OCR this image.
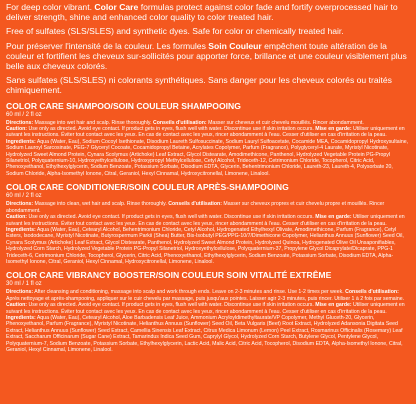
For deep color vibrant. Color Care formulas protect against color fade and fortify overprocessed hair to deliver strength, shine and enhanced color quality to color treated hair.

Free of sulfates (SLS/SLES) and synthetic dyes. Safe for color or chemically treated hair.

Pour préserver l'intensité de la couleur. Les formules Soin Couleur empêchent toute altération de la couleur et fortifient les cheveux sur-sollicités pour apporter force, brillance et une couleur visiblement plus belle aux cheveux colorés.

Sans sulfates (SLS/SLES) ni colorants synthétiques. Sans danger pour les cheveux colorés ou traités chimiquement.

COLOR CARE SHAMPOO/SOIN COULEUR SHAMPOOING
60 ml / 2 fl oz

Directions: Massage into wet hair and scalp. Rinse thoroughly. Conseils d'utilisation: Masser sur cheveux et cuir chevelu mouillés. Rincer abondamment.
Caution: Use only as directed. Avoid eye contact. If product gets in eyes, flush well with water. Discontinue use if skin irritation occurs. Mise en garde: Utiliser uniquement en suivant les instructions. Éviter tout contact avec les yeux. En cas de contact avec les yeux, rincer abondamment à l'eau. Cesser d'utiliser en cas d'irritation de la peau.
Ingredients: Aqua (Water, Eau), Sodium Cocoyl Isethionate, Disodium Laureth Sulfosuccinate, Sodium Lauryl Sulfoacetate, Cocamide MEA, Cocamidopropyl Hydroxysultaine, Sodium Lauroyl Sarcosinate, PEG-7 Glyceryl Cocoate, Cocamidopropyl Betaine, Acrylates Copolymer, Parfum (Fragrance), Polyglyceryl-4 Laurate, Myristyl Nicotinate, Hydrolyzed Sweet Almond Protein, Cynara Scolymus (Artichoke) Leaf Extract, Glycol Distearate, Amodimethicone, Panthenol, Hydrolyzed Vegetable Protein PG-Propyl Silanetriol, Polyquaternium-10, Hydroxyethylcellulose, Hydroxypropyl Methylcellulose, Cetyl Alcohol, Trideceth-12, Cetrimonium Chloride, Tocopherol, Citric Acid, Phenoxyethanol, Ethylhexylglycerin, Sodium Benzoate, Potassium Sorbate, Disodium EDTA, Glycerin, Behentrimonium Chloride, Laureth-23, Laureth-4, Polysorbate 20, Sodium Chloride, Alpha-Isomethyl Ionone, Citral, Geraniol, Hexyl Cinnamal, Hydroxycitronellal, Limonene, Linalool.

COLOR CARE CONDITIONER/SOIN COULEUR APRÈS-SHAMPOOING
60 ml / 2 fl oz

Directions: Massage into clean, wet hair and scalp. Rinse thoroughly. Conseils d'utilisation: Masser sur cheveux propres et cuir chevelu propre et mouillés. Rincer abondamment.
Caution: Use only as directed. Avoid eye contact. If product gets in eyes, flush well with water. Discontinue use if skin irritation occurs. Mise en garde: Utiliser uniquement en suivant les instructions. Éviter tout contact avec les yeux. En cas de contact avec les yeux, rincer abondamment à l'eau. Cesser d'utiliser en cas d'irritation de la peau.
Ingredients: Aqua (Water, Eau), Cetearyl Alcohol, Behentrimonium Chloride, Cetyl Alcohol, Hydrogenated Ethylhexyl Olivate, Amodimethicone, Parfum (Fragrance), Cetyl Esters, Isododecane, Myristyl Nicotinate, Butyrospermum Parkii (Shea) Butter, Bis-Isobutyl PEG/PPG-10/7/Dimethicone Copolymer, Helianthus Annuus (Sunflower) Seed Oil, Cynara Scolymus (Artichoke) Leaf Extract, Glycol Distearate, Panthenol, Hydrolyzed Sweet Almond Protein, Hydrolyzed Quinoa, Hydrogenated Olive Oil Unsaponifiables, Hydrolyzed Corn Starch, Hydrolyzed Vegetable Protein PG-Propyl Silanetriol, Hydroxyethylcellulose, Polyquaternium-37, Propylene Glycol Dicaprylate/Dicaprate, PPG-1 Trideceth-6, Cetrimonium Chloride, Tocopherol, Glycerin, Citric Acid, Phenoxyethanol, Ethylhexylglycerin, Sodium Benzoate, Potassium Sorbate, Disodium EDTA, Alpha-Isomethyl Ionone, Citral, Geraniol, Hexyl Cinnamal, Hydroxycitronellal, Limonene, Linalool.

COLOR CARE VIBRANCY BOOSTER/SOIN COULEUR SOIN VITALITÉ EXTRÊME
30 ml / 1 fl oz

Directions: After cleansing and conditioning, massage into scalp and work through ends. Leave on 2-3 minutes and rinse. Use 1-2 times per week. Conseils d'utilisation: Après nettoyage et après-shampooing, appliquer sur le cuir chevelu par massage, puis jusqu'aux pointes. Laisser agir 2-3 minutes, puis rincer. Utiliser 1 à 2 fois par semaine.
Caution: Use only as directed. Avoid eye contact. If product gets in eyes, flush well with water. Discontinue use if skin irritation occurs. Mise en garde: Utiliser uniquement en suivant les instructions. Éviter tout contact avec les yeux. En cas de contact avec les yeux, rincer abondamment à l'eau. Cesser d'utiliser en cas d'irritation de la peau.
Ingredients: Aqua (Water, Eau), Cetearyl Alcohol, Aloe Barbadensis Leaf Juice, Ammonium Acryloyldimethyltaurate/VP Copolymer, Methyl Gluceth-20, Glycerin, Phenoxyethanol, Parfum (Fragrance), Myristyl Nicotinate, Helianthus Annuus (Sunflower) Seed Oil, Beta Vulgaris (Beet) Root Extract, Hydrolyzed Adansonia Digitata Seed Extract, Helianthus Annuus (Sunflower) Seed Extract, Camellia Sinensis Leaf Extract, Citrus Medica Limonum (Lemon) Peel Extract, Rosmarinus Officinalis (Rosemary) Leaf Extract, Saccharum Officinarum (Sugar Cane) Extract, Tamarindus Indica Seed Gum, Caprylyl Glycol, Hydrolyzed Corn Starch, Butylene Glycol, Pentylene Glycol, Polyquaternium-7, Sodium Benzoate, Potassium Sorbate, Ethylhexylglycerin, Lactic Acid, Malic Acid, Citric Acid, Tocopherol, Disodium EDTA, Alpha-Isomethyl Ionone, Citral, Geraniol, Hexyl Cinnamal, Limonene, Linalool.
